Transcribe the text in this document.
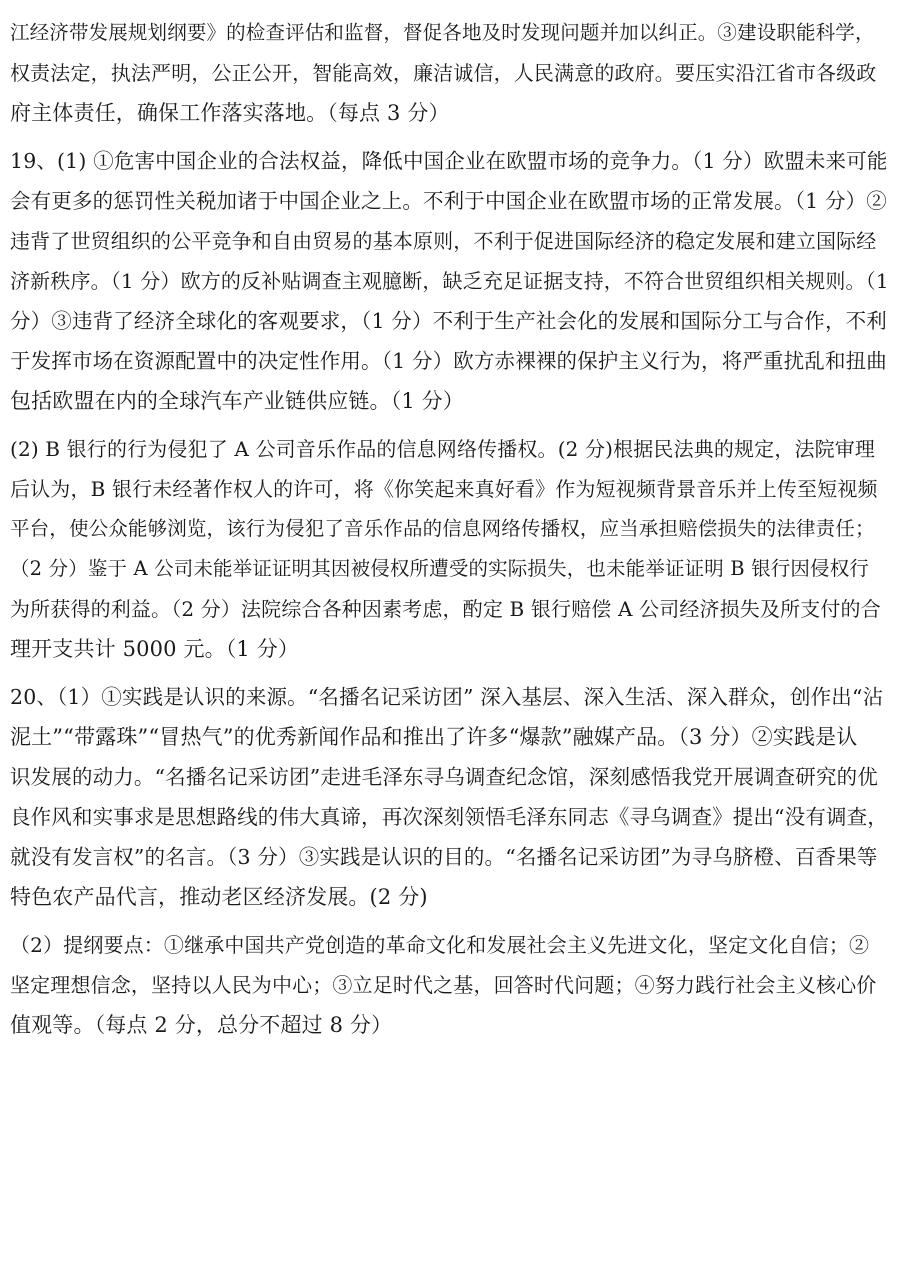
江经济带发展规划纲要》的检查评估和监督，督促各地及时发现问题并加以纠正。③建设职能科学，
权责法定，执法严明，公正公开，智能高效，廉洁诚信，人民满意的政府。要压实沿江省市各级政
府主体责任，确保工作落实落地。（每点 3 分）
19、(1) ①危害中国企业的合法权益，降低中国企业在欧盟市场的竞争力。（1 分）欧盟未来可能
会有更多的惩罚性关税加诸于中国企业之上。不利于中国企业在欧盟市场的正常发展。（1 分）②
违背了世贸组织的公平竞争和自由贸易的基本原则，不利于促进国际经济的稳定发展和建立国际经
济新秩序。（1 分）欧方的反补贴调查主观臆断，缺乏充足证据支持，不符合世贸组织相关规则。（1
分）③违背了经济全球化的客观要求，（1 分）不利于生产社会化的发展和国际分工与合作，不利
于发挥市场在资源配置中的决定性作用。（1 分）欧方赤裸裸的保护主义行为，将严重扰乱和扭曲
包括欧盟在内的全球汽车产业链供应链。（1 分）
(2) B 银行的行为侵犯了 A 公司音乐作品的信息网络传播权。(2 分)根据民法典的规定，法院审理
后认为，B 银行未经著作权人的许可，将《你笑起来真好看》作为短视频背景音乐并上传至短视频
平台，使公众能够浏览，该行为侵犯了音乐作品的信息网络传播权，应当承担赔偿损失的法律责任；
（2 分）鉴于 A 公司未能举证证明其因被侵权所遭受的实际损失，也未能举证证明 B 银行因侵权行
为所获得的利益。（2 分）法院综合各种因素考虑，酌定 B 银行赔偿 A 公司经济损失及所支付的合
理开支共计 5000 元。（1 分）
20、（1）①实践是认识的来源。“名播名记采访团” 深入基层、深入生活、深入群众，创作出“沾
泥土”“带露珠”“冒热气”的优秀新闻作品和推出了许多“爆款”融媒产品。（3 分）②实践是认
识发展的动力。“名播名记采访团”走进毛泽东寻乌调查纪念馆，深刻感悟我党开展调查研究的优
良作风和实事求是思想路线的伟大真谛，再次深刻领悟毛泽东同志《寻乌调查》提出“没有调查，
就没有发言权”的名言。（3 分）③实践是认识的目的。“名播名记采访团”为寻乌脐橙、百香果等
特色农产品代言，推动老区经济发展。(2 分)
（2）提纲要点：①继承中国共产党创造的革命文化和发展社会主义先进文化，坚定文化自信；②
坚定理想信念，坚持以人民为中心；③立足时代之基，回答时代问题；④努力践行社会主义核心价
值观等。（每点 2 分，总分不超过 8 分）
